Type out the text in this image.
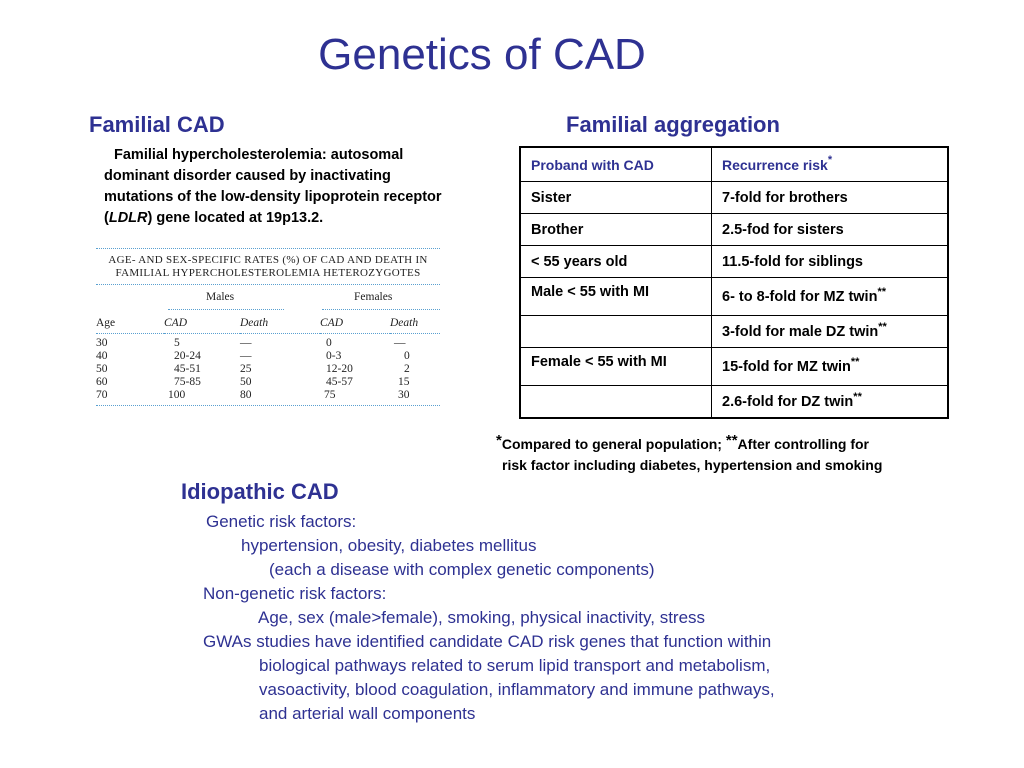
Genetics of CAD
Familial CAD
Familial hypercholesterolemia: autosomal dominant disorder caused by inactivating mutations of the low-density lipoprotein receptor (LDLR) gene located at 19p13.2.
AGE- AND SEX-SPECIFIC RATES (%) OF CAD AND DEATH IN FAMILIAL HYPERCHOLESTEROLEMIA HETEROZYGOTES
Males	Females
Age	CAD	Death	CAD	Death

30	5	—	0	—
40	20-24	—	0-3	0
50	45-51	25	12-20	2
60	75-85	50	45-57	15
70	100	80	75	30
Familial aggregation
Proband with CAD	Recurrence risk*
Sister	7-fold for brothers
Brother	2.5-fod for sisters
< 55 years old	11.5-fold for siblings
Male < 55 with MI	6- to 8-fold for MZ twin**
	3-fold for male DZ twin**
Female < 55 with MI	15-fold for MZ twin**
	2.6-fold for DZ twin**
*Compared to general population; **After controlling for
risk factor including diabetes, hypertension and smoking
Idiopathic CAD
Genetic risk factors:
hypertension, obesity, diabetes mellitus
(each a disease with complex genetic components)
Non-genetic risk factors:
Age, sex (male>female), smoking, physical inactivity, stress
GWAs studies have identified candidate CAD risk genes that function within
biological pathways related to serum lipid transport and metabolism,
vasoactivity, blood coagulation, inflammatory and immune pathways,
and arterial wall components
